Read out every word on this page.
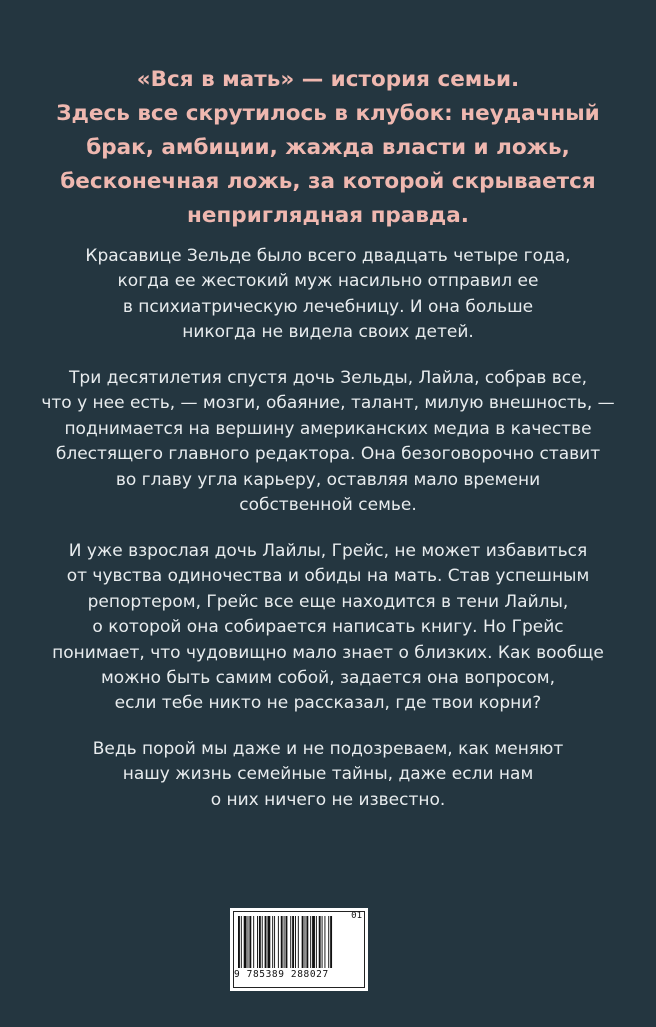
«Вся в мать» — история семьи.
Здесь все скрутилось в клубок: неудачный
брак, амбиции, жажда власти и ложь,
бесконечная ложь, за которой скрывается
неприглядная правда.
Красавице Зельде было всего двадцать четыре года,
когда ее жестокий муж насильно отправил ее
в психиатрическую лечебницу. И она больше
никогда не видела своих детей.
Три десятилетия спустя дочь Зельды, Лайла, собрав все,
что у нее есть, — мозги, обаяние, талант, милую внешность, —
поднимается на вершину американских медиа в качестве
блестящего главного редактора. Она безоговорочно ставит
во главу угла карьеру, оставляя мало времени
собственной семье.
И уже взрослая дочь Лайлы, Грейс, не может избавиться
от чувства одиночества и обиды на мать. Став успешным
репортером, Грейс все еще находится в тени Лайлы,
о которой она собирается написать книгу. Но Грейс
понимает, что чудовищно мало знает о близких. Как вообще
можно быть самим собой, задается она вопросом,
если тебе никто не рассказал, где твои корни?
Ведь порой мы даже и не подозреваем, как меняют
нашу жизнь семейные тайны, даже если нам
о них ничего не известно.
01
9 785389 288027
